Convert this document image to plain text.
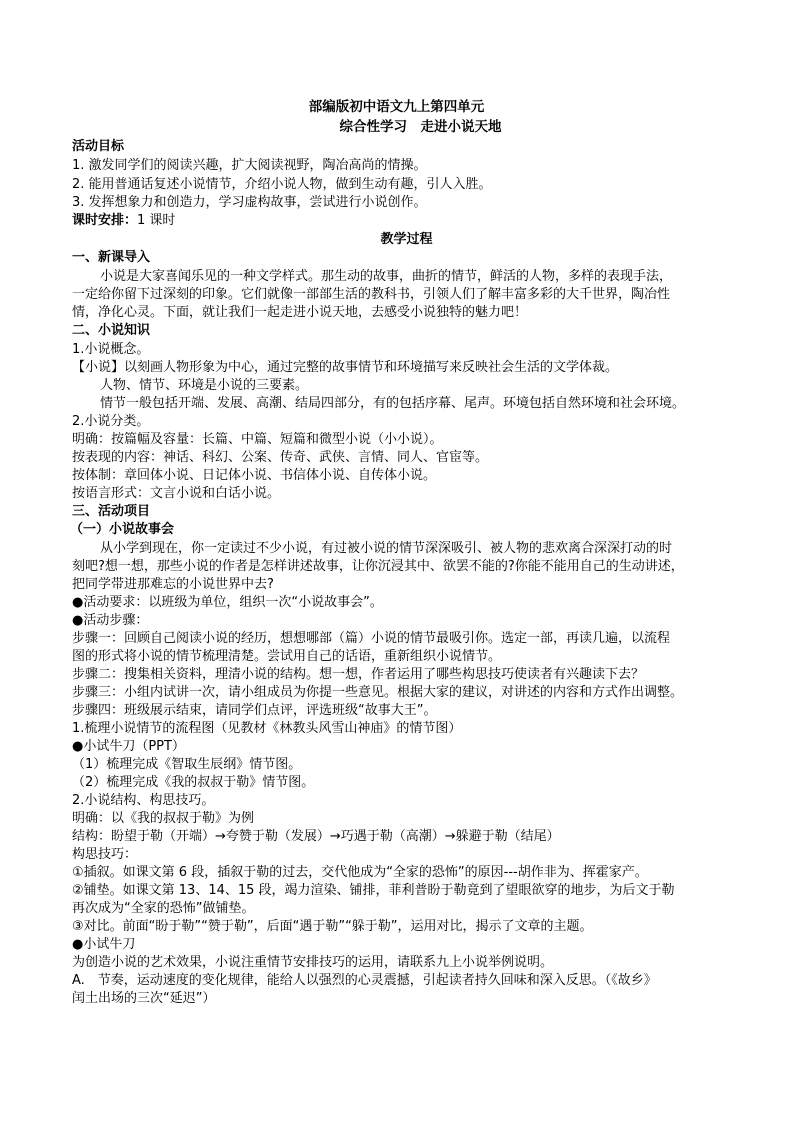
部编版初中语文九上第四单元
综合性学习　走进小说天地
活动目标
1. 激发同学们的阅读兴趣，扩大阅读视野，陶冶高尚的情操。
2. 能用普通话复述小说情节，介绍小说人物，做到生动有趣，引人入胜。
3. 发挥想象力和创造力，学习虚构故事，尝试进行小说创作。
课时安排：1 课时
教学过程
一、新课导入
小说是大家喜闻乐见的一种文学样式。那生动的故事，曲折的情节，鲜活的人物，多样的表现手法，
一定给你留下过深刻的印象。它们就像一部部生活的教科书，引领人们了解丰富多彩的大千世界，陶冶性
情，净化心灵。下面，就让我们一起走进小说天地，去感受小说独特的魅力吧！
二、小说知识
1.小说概念。
【小说】以刻画人物形象为中心，通过完整的故事情节和环境描写来反映社会生活的文学体裁。
人物、情节、环境是小说的三要素。
情节一般包括开端、发展、高潮、结局四部分，有的包括序幕、尾声。环境包括自然环境和社会环境。
2.小说分类。
明确：按篇幅及容量：长篇、中篇、短篇和微型小说（小小说）。
按表现的内容：神话、科幻、公案、传奇、武侠、言情、同人、官宦等。
按体制：章回体小说、日记体小说、书信体小说、自传体小说。
按语言形式：文言小说和白话小说。
三、活动项目
（一）小说故事会
从小学到现在，你一定读过不少小说，有过被小说的情节深深吸引、被人物的悲欢离合深深打动的时
刻吧?想一想，那些小说的作者是怎样讲述故事，让你沉浸其中、欲罢不能的?你能不能用自己的生动讲述，
把同学带进那难忘的小说世界中去?
●活动要求：以班级为单位，组织一次“小说故事会”。
●活动步骤：
步骤一：回顾自己阅读小说的经历，想想哪部（篇）小说的情节最吸引你。选定一部，再读几遍，以流程
图的形式将小说的情节梳理清楚。尝试用自己的话语，重新组织小说情节。
步骤二：搜集相关资料，理清小说的结构。想一想，作者运用了哪些构思技巧使读者有兴趣读下去？
步骤三：小组内试讲一次，请小组成员为你提一些意见。根据大家的建议，对讲述的内容和方式作出调整。
步骤四：班级展示结束，请同学们点评，评选班级“故事大王”。
1.梳理小说情节的流程图（见教材《林教头风雪山神庙》的情节图）
●小试牛刀（PPT）
（1）梳理完成《智取生辰纲》情节图。
（2）梳理完成《我的叔叔于勒》情节图。
2.小说结构、构思技巧。
明确：以《我的叔叔于勒》为例
结构：盼望于勒（开端）→夸赞于勒（发展）→巧遇于勒（高潮）→躲避于勒（结尾）
构思技巧：
①插叙。如课文第 6 段，插叙于勒的过去，交代他成为“全家的恐怖”的原因---胡作非为、挥霍家产。
②铺垫。如课文第 13、14、15 段，竭力渲染、铺排，菲利普盼于勒竟到了望眼欲穿的地步，为后文于勒
再次成为“全家的恐怖”做铺垫。
③对比。前面“盼于勒”“赞于勒”，后面“遇于勒”“躲于勒”，运用对比，揭示了文章的主题。
●小试牛刀
为创造小说的艺术效果，小说注重情节安排技巧的运用，请联系九上小说举例说明。
A.　节奏，运动速度的变化规律，能给人以强烈的心灵震撼，引起读者持久回味和深入反思。（《故乡》
闰土出场的三次“延迟”）
